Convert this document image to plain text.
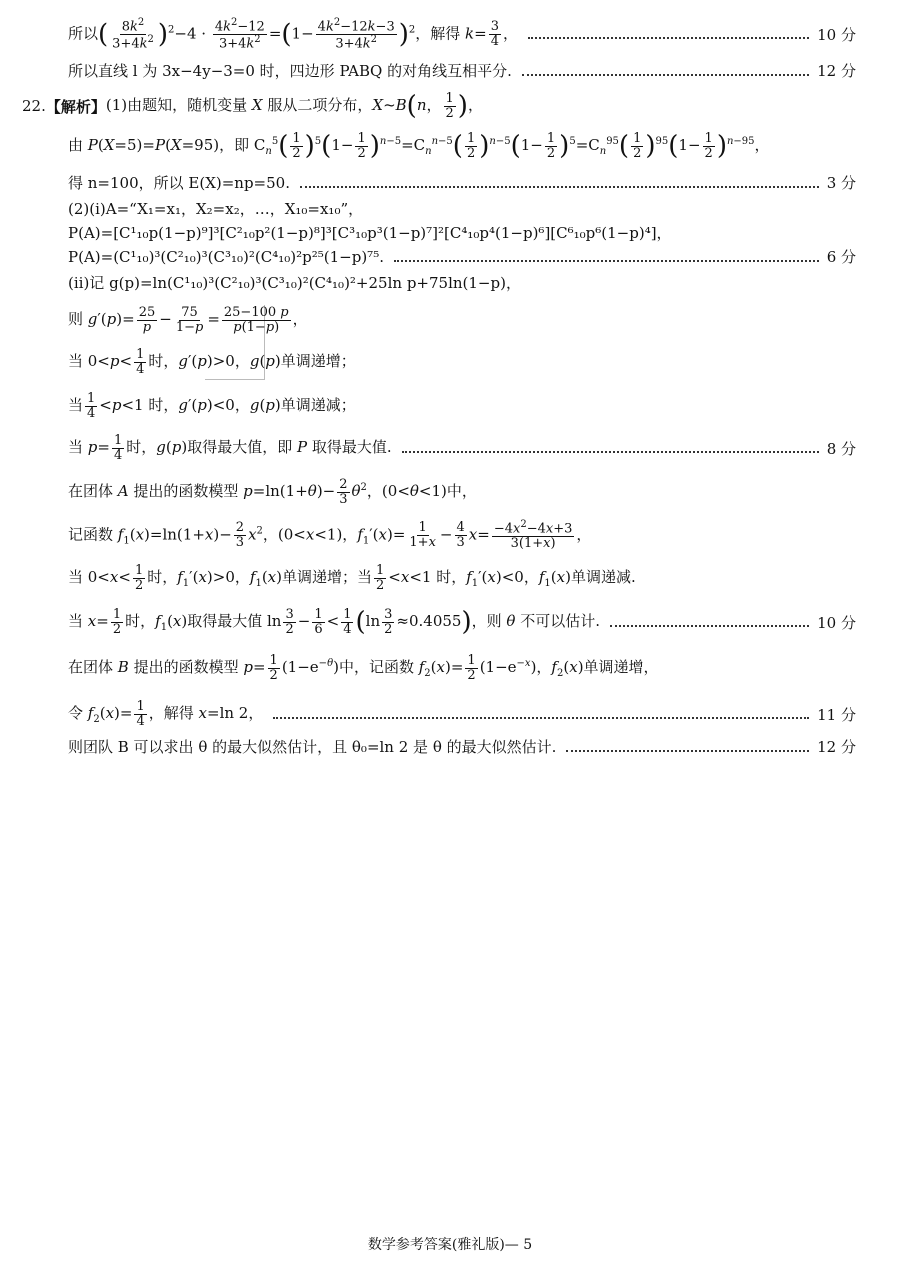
所以( $\frac{8k^2}{3+4k^2} )^2-4 \cdot \frac{4k^2-12}{3+4k^2} =(1- \frac{4k^2-12k-3}{3+4k^2} )^2$，解得 $k= \frac{3}{4}$ ，	10 分
所以直线 l 为 3x−4y−3=0 时，四边形 PABQ 的对角线互相平分.	12 分
22. 【解析】 (1)由题知，随机变量 X 服从二项分布，X~B(n， $\frac{1}{2}$ )，
由 P(X=5)=P(X=95)，即 $C_n^5( \frac{1}{2} )^5(1- \frac{1}{2} )^{n-5}=C_n^{n-5}( \frac{1}{2} )^{n-5}(1- \frac{1}{2} )^5=C_n^{95}( \frac{1}{2} )^{95}(1- \frac{1}{2} )^{n-95}$，
得 n=100，所以 E(X)=np=50.	3 分
(2)(ⅰ)A=“X₁=x₁，X₂=x₂，…，X₁₀=x₁₀”，
P(A)=[C¹₁₀p(1−p)⁹]³[C²₁₀p²(1−p)⁸]³[C³₁₀p³(1−p)⁷]²[C⁴₁₀p⁴(1−p)⁶][C⁶₁₀p⁶(1−p)⁴]，
P(A)=(C¹₁₀)³(C²₁₀)³(C³₁₀)²(C⁴₁₀)²p²⁵(1−p)⁷⁵.	6 分
(ⅱ)记 g(p)=ln(C¹₁₀)³(C²₁₀)³(C³₁₀)²(C⁴₁₀)²+25ln p+75ln(1−p)，
则 $g'(p)= \frac{25}{p} - \frac{75}{1-p} = \frac{25-100 p}{p(1-p)}$ ，
当 $0<p< \frac{1}{4}$ 时，g′(p)>0，g(p)单调递增；
当 $\frac{1}{4} <p<1$ 时，g′(p)<0，g(p)单调递减；
当 $p= \frac{1}{4}$ 时，g(p)取得最大值，即 P 取得最大值.	8 分
在团体 A 提出的函数模型 $p=\ln(1+\theta)- \frac{2}{3} \theta^2$，(0<θ<1)中，
记函数 $f_1(x)=\ln(1+x)- \frac{2}{3} x^2$，(0<x<1)，$f_1'(x)= \frac{1}{1+x} - \frac{4}{3} x= \frac{-4x^2-4x+3}{3(1+x)}$ ，
当 $0<x< \frac{1}{2}$ 时，$f_1'(x)>0$，$f_1(x)$单调递增；当 $\frac{1}{2} <x<1$ 时，$f_1'(x)<0$，$f_1(x)$单调递减.
当 $x= \frac{1}{2}$ 时，$f_1(x)$取得最大值 $\ln \frac{3}{2} - \frac{1}{6} < \frac{1}{4} (\ln \frac{3}{2} \approx 0.4055)$，则 θ 不可以估计.	10 分
在团体 B 提出的函数模型 $p= \frac{1}{2} (1-e^{-\theta})$中，记函数 $f_2(x)= \frac{1}{2} (1-e^{-x})$，$f_2(x)$单调递增，
令 $f_2(x)= \frac{1}{4}$ ，解得 x=ln 2，	11 分
则团队 B 可以求出 θ 的最大似然估计，且 θ₀=ln 2 是 θ 的最大似然估计.	12 分
数学参考答案(雅礼版)— 5
